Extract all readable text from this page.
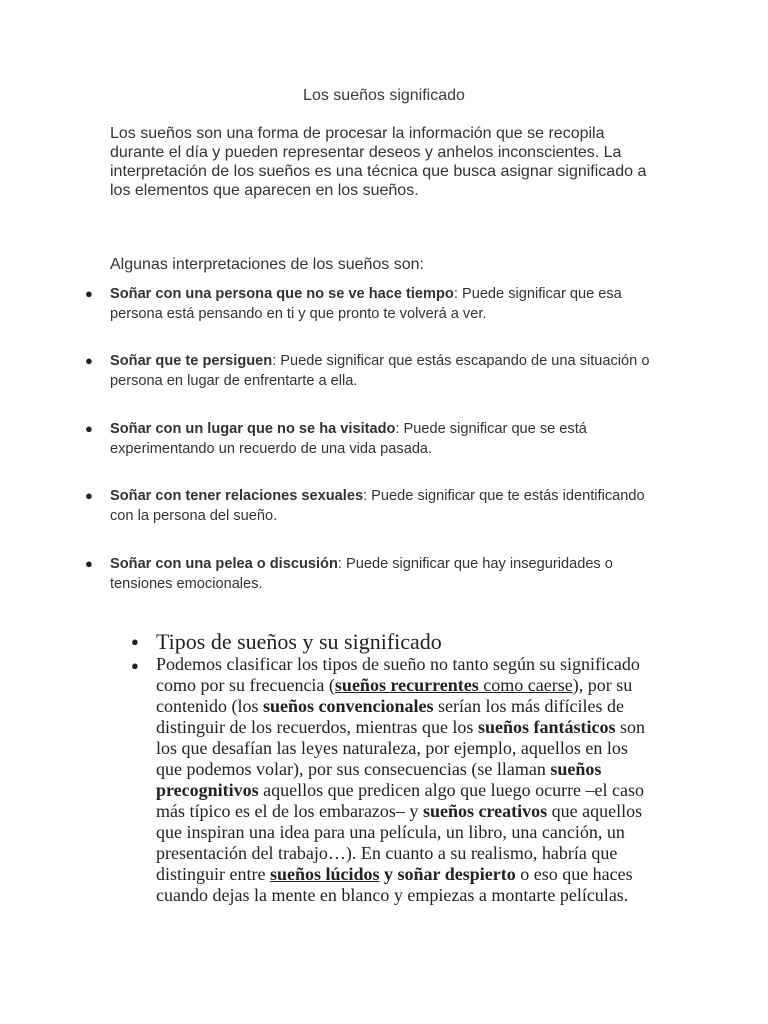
Los sueños significado

Los sueños son una forma de procesar la información que se recopila durante el día y pueden representar deseos y anhelos inconscientes. La interpretación de los sueños es una técnica que busca asignar significado a los elementos que aparecen en los sueños.

Algunas interpretaciones de los sueños son:

● Soñar con una persona que no se ve hace tiempo: Puede significar que esa persona está pensando en ti y que pronto te volverá a ver.

● Soñar que te persiguen: Puede significar que estás escapando de una situación o persona en lugar de enfrentarte a ella.

● Soñar con un lugar que no se ha visitado: Puede significar que se está experimentando un recuerdo de una vida pasada.

● Soñar con tener relaciones sexuales: Puede significar que te estás identificando con la persona del sueño.

● Soñar con una pelea o discusión: Puede significar que hay inseguridades o tensiones emocionales.

● Tipos de sueños y su significado
● Podemos clasificar los tipos de sueño no tanto según su significado como por su frecuencia (sueños recurrentes como caerse), por su contenido (los sueños convencionales serían los más difíciles de distinguir de los recuerdos, mientras que los sueños fantásticos son los que desafían las leyes naturaleza, por ejemplo, aquellos en los que podemos volar), por sus consecuencias (se llaman sueños precognitivos aquellos que predicen algo que luego ocurre –el caso más típico es el de los embarazos– y sueños creativos que aquellos que inspiran una idea para una película, un libro, una canción, un presentación del trabajo…). En cuanto a su realismo, habría que distinguir entre sueños lúcidos y soñar despierto o eso que haces cuando dejas la mente en blanco y empiezas a montarte películas.
